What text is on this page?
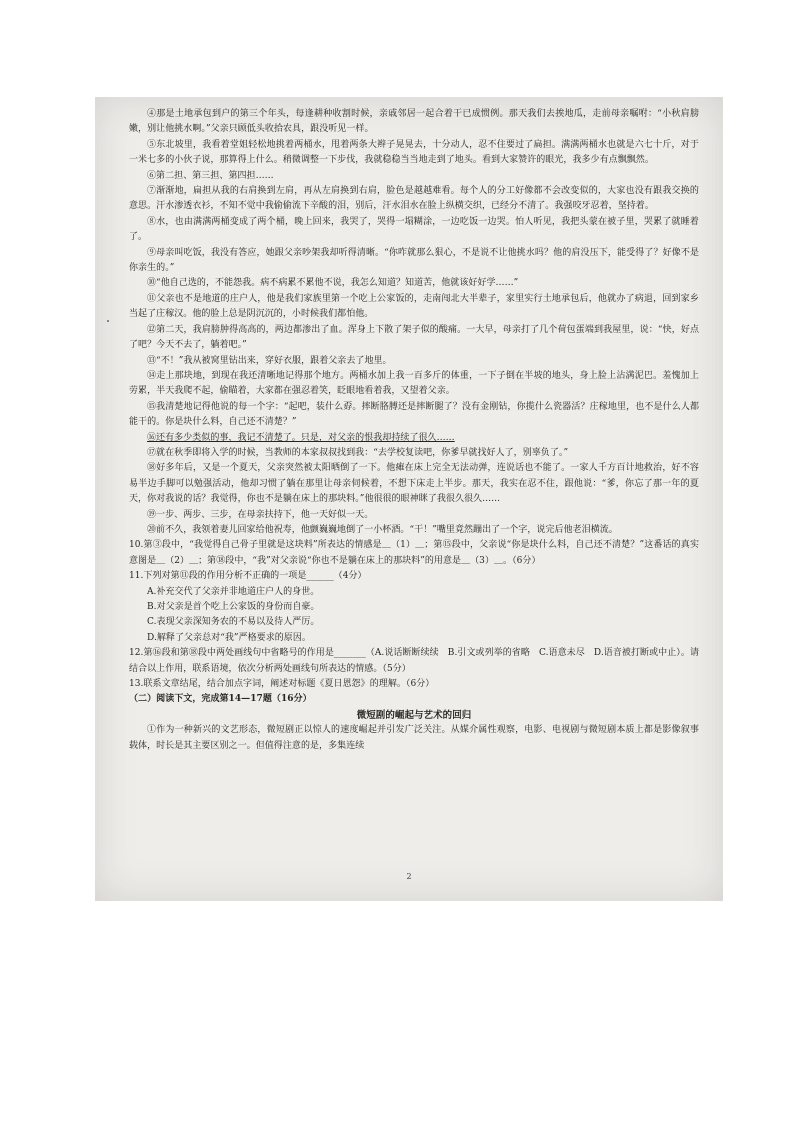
④那是土地承包到户的第三个年头，每逢耕种收割时候，亲戚邻居一起合着干已成惯例。那天我们去挨地瓜，走前母亲嘱咐：“小秋肩膀嫩，别让他挑水啊。”父亲只顾低头收拾农具，跟没听见一样。

⑤东北坡里，我看着堂姐轻松地挑着两桶水，甩着两条大辫子晃晃去，十分动人，忍不住要过了扁担。满满两桶水也就是六七十斤，对于一米七多的小伙子说，那算得上什么。稍微调整一下步伐，我就稳稳当当地走到了地头。看到大家赞许的眼光，我多少有点飘飘然。

⑥第二担、第三担、第四担……

⑦渐渐地，扁担从我的右肩换到左肩，再从左肩换到右肩，脸色是越越难看。每个人的分工好像都不会改变似的，大家也没有跟我交换的意思。汗水渗透衣衫，不知不觉中我偷偷流下辛酸的泪，别后，汗水泪水在脸上纵横交织，已经分不清了。我强咬牙忍着，坚持着。

⑧水，也由满满两桶变成了两个桶，晚上回来，我哭了，哭得一塌糊涂，一边吃饭一边哭。怕人听见，我把头蒙在被子里，哭累了就睡着了。

⑨母亲叫吃饭，我没有答应，她跟父亲吵架我却听得清晰。“你咋就那么狠心，不是说不让他挑水吗？他的肩没压下，能受得了？好像不是你亲生的。”

⑩“他自己选的，不能怨我。病不病累不累他不说，我怎么知道？知道苦，他就该好好学……”

⑪父亲也不是地道的庄户人，他是我们家族里第一个吃上公家饭的，走南闯北大半辈子，家里实行土地承包后，他就办了病退，回到家乡当起了庄稼汉。他的脸上总是阴沉沉的，小时候我们都怕他。

⑫第二天，我肩膀肿得高高的，两边都渗出了血。浑身上下散了架子似的酸痛。一大早，母亲打了几个荷包蛋端到我屋里，说：“快，好点了吧？今天不去了，躺着吧。”

⑬“不！”我从被窝里钻出来，穿好衣服，跟着父亲去了地里。

⑭走上那块地，到现在我还清晰地记得那个地方。两桶水加上我一百多斤的体重，一下子倒在半坡的地头，身上脸上沾满泥巴。羞愧加上劳累，半天我爬不起，偷瞄着，大家都在强忍着笑，眨眼地看着我，又望着父亲。

⑮我清楚地记得他说的每一个字：“起吧，装什么孬。摔断胳膊还是摔断腿了？没有金刚钻，你揽什么瓷器活？庄稼地里，也不是什么人都能干的。你是块什么料，自己还不清楚？”

⑯还有多少类似的事，我记不清楚了。只是，对父亲的恨我却持续了很久……

⑰就在秋季即将入学的时候，当教师的本家叔叔找到我：“去学校复读吧，你爹早就找好人了，别辜负了。”

⑱好多年后，又是一个夏天，父亲突然被太阳晒倒了一下。他瘫在床上完全无法动弹，连说话也不能了。一家人千方百计地救治，好不容易半边手脚可以勉强活动，他却习惯了躺在那里让母亲伺候着，不想下床走上半步。那天，我实在忍不住，跟他说：“爹，你忘了那一年的夏天，你对我说的话？我觉得，你也不是躺在床上的那块料。”他很很的眼神眯了我很久很久……

⑲一步、两步、三步，在母亲扶持下，他一天好似一天。

⑳前不久，我领着妻儿回家给他祝寿，他颤巍巍地倒了一小杯酒。“干！”嘴里竟然蹦出了一个字，说完后他老泪横流。

10.第③段中，“我觉得自己骨子里就是这块料”所表达的情感是＿（1）＿；第⑮段中，父亲说“你是块什么料，自己还不清楚？”这番话的真实意图是＿（2）＿；第⑱段中，“我”对父亲说“你也不是躺在床上的那块料”的用意是＿（3）＿。（6分）

11.下列对第⑪段的作用分析不正确的一项是______（4分）

A.补充交代了父亲并非地道庄户人的身世。

B.对父亲是首个吃上公家饭的身份而自豪。

C.表现父亲深知务农的不易以及待人严厉。

D.解释了父亲总对“我”严格要求的原因。

12.第⑯段和第⑱段中两处画线句中省略号的作用是_______（A.说话断断续续　B.引文或列举的省略　C.语意未尽　D.语音被打断或中止）。请结合以上作用，联系语境，依次分析两处画线句所表达的情感。（5分）

13.联系文章结尾，结合加点字词，阐述对标题《夏日恩怨》的理解。（6分）

（二）阅读下文，完成第14—17题（16分）

微短剧的崛起与艺术的回归

①作为一种新兴的文艺形态，微短剧正以惊人的速度崛起并引发广泛关注。从媒介属性观察，电影、电视剧与微短剧本质上都是影像叙事载体，时长是其主要区别之一。但值得注意的是，多集连续

2
